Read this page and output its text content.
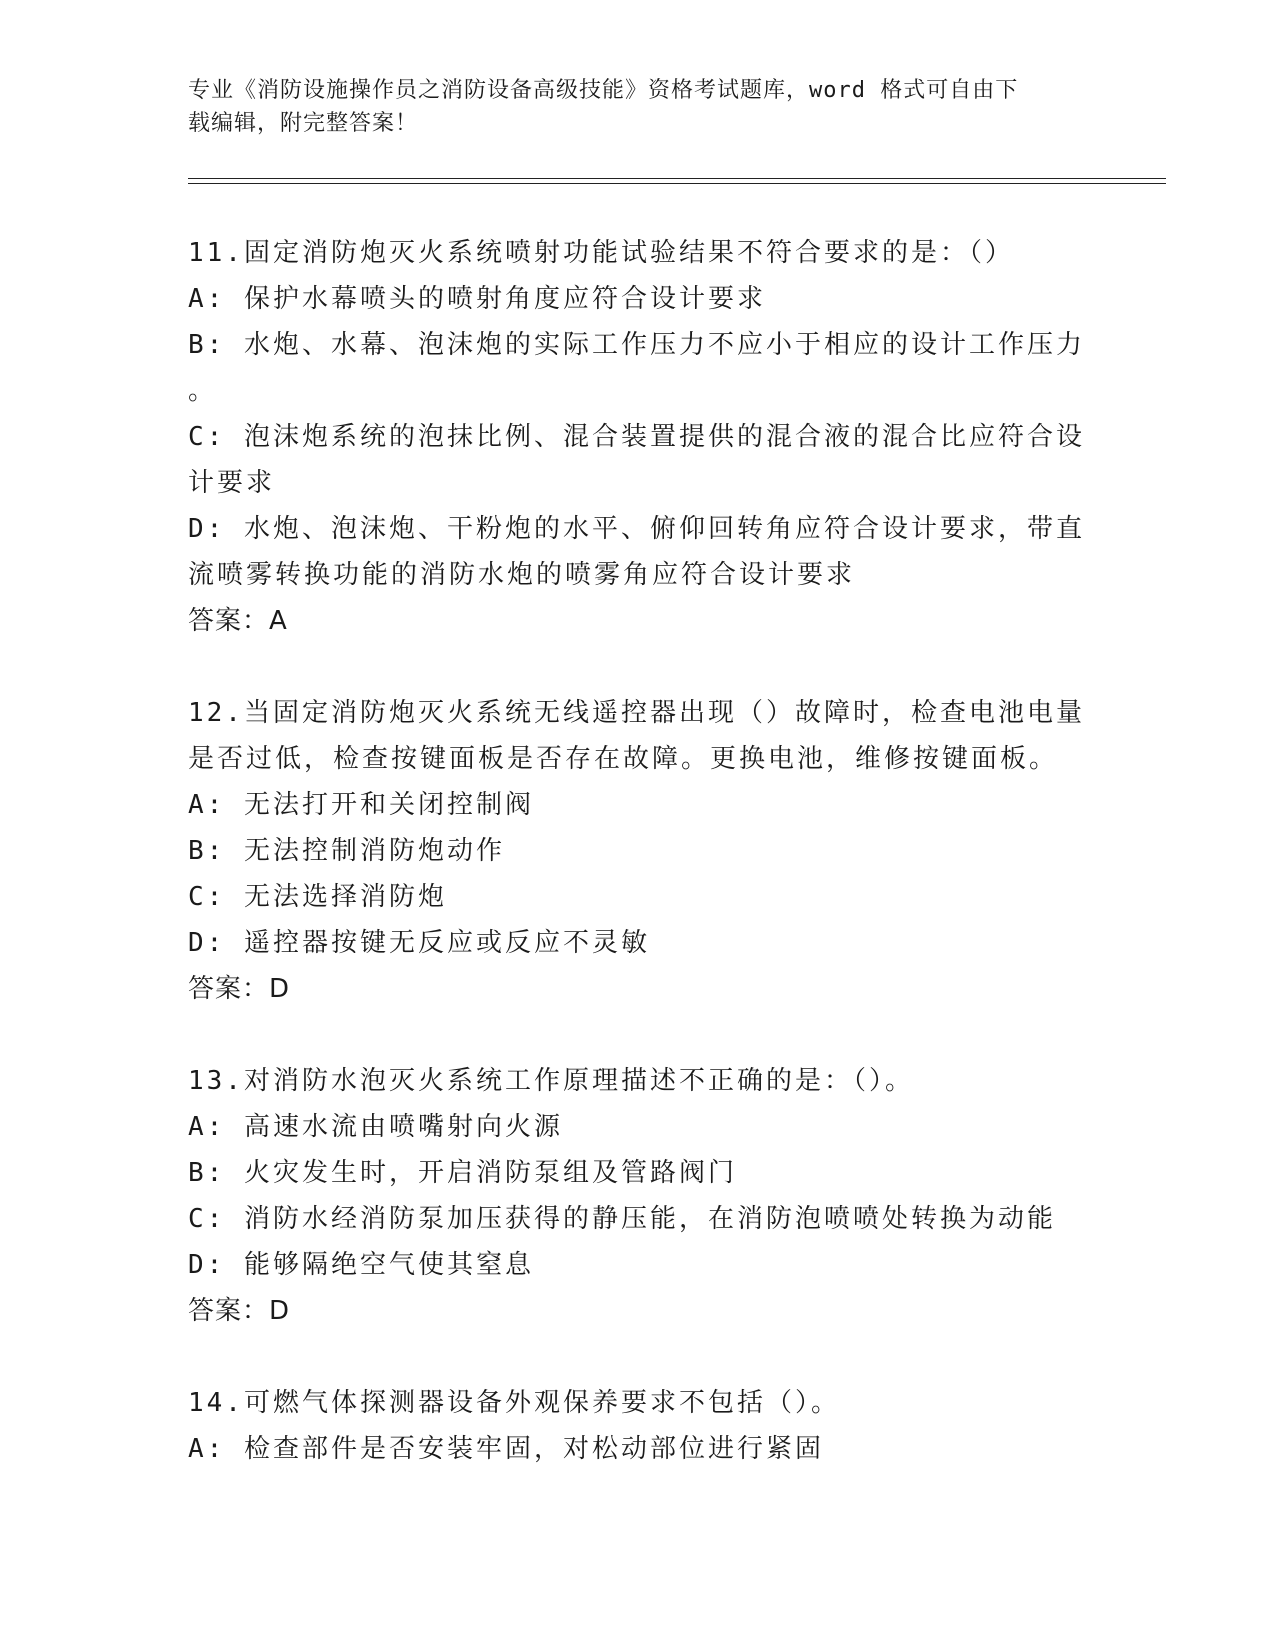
专业《消防设施操作员之消防设备高级技能》资格考试题库，word 格式可自由下
载编辑，附完整答案！
11.固定消防炮灭火系统喷射功能试验结果不符合要求的是：（）
A: 保护水幕喷头的喷射角度应符合设计要求
B: 水炮、水幕、泡沫炮的实际工作压力不应小于相应的设计工作压力
。
C: 泡沫炮系统的泡抹比例、混合装置提供的混合液的混合比应符合设
计要求
D: 水炮、泡沫炮、干粉炮的水平、俯仰回转角应符合设计要求，带直
流喷雾转换功能的消防水炮的喷雾角应符合设计要求
答案：A
12.当固定消防炮灭火系统无线遥控器出现（）故障时，检查电池电量
是否过低，检查按键面板是否存在故障。更换电池，维修按键面板。
A: 无法打开和关闭控制阀
B: 无法控制消防炮动作
C: 无法选择消防炮
D: 遥控器按键无反应或反应不灵敏
答案：D
13.对消防水泡灭火系统工作原理描述不正确的是：（）。
A: 高速水流由喷嘴射向火源
B: 火灾发生时，开启消防泵组及管路阀门
C: 消防水经消防泵加压获得的静压能，在消防泡喷喷处转换为动能
D: 能够隔绝空气使其窒息
答案：D
14.可燃气体探测器设备外观保养要求不包括（）。
A: 检查部件是否安装牢固，对松动部位进行紧固
